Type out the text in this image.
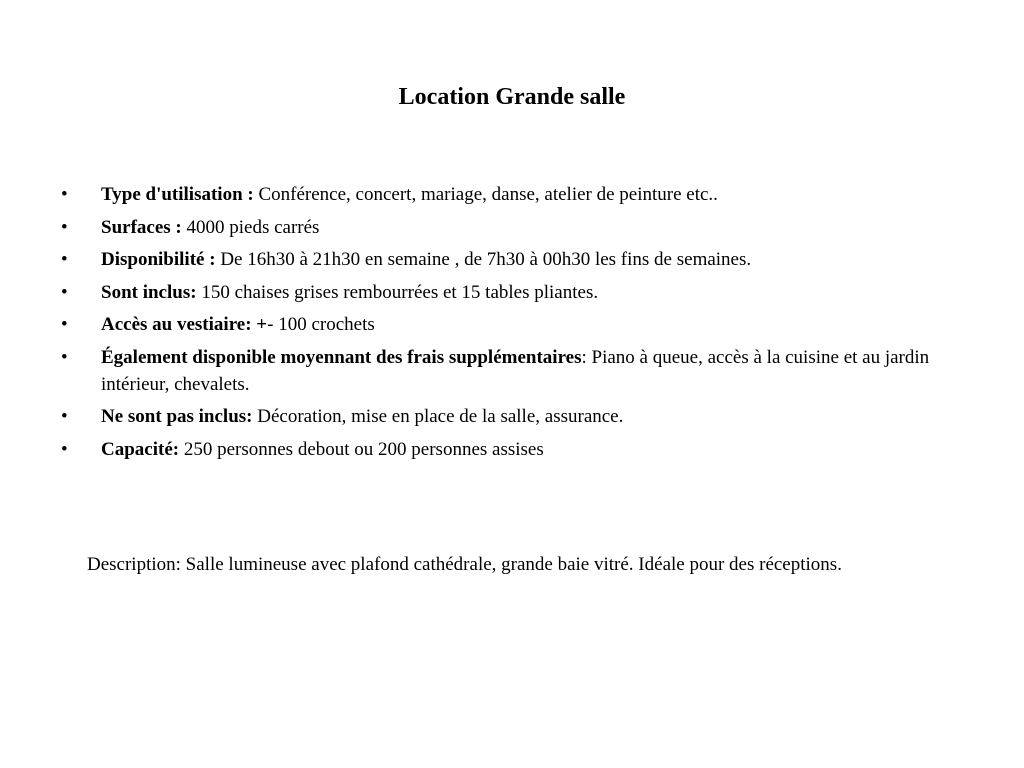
Location Grande salle
• Type d'utilisation : Conférence, concert, mariage, danse, atelier de peinture etc..
• Surfaces : 4000 pieds carrés
• Disponibilité : De 16h30 à 21h30 en semaine , de 7h30 à 00h30 les fins de semaines.
• Sont inclus: 150 chaises grises rembourrées et 15 tables pliantes.
• Accès au vestiaire: +- 100 crochets
• Également disponible moyennant des frais supplémentaires: Piano à queue, accès à la cuisine et au jardin intérieur, chevalets.
• Ne sont pas inclus: Décoration, mise en place de la salle, assurance.
• Capacité: 250 personnes debout ou 200 personnes assises

Description: Salle lumineuse avec plafond cathédrale, grande baie vitré. Idéale pour des réceptions.
